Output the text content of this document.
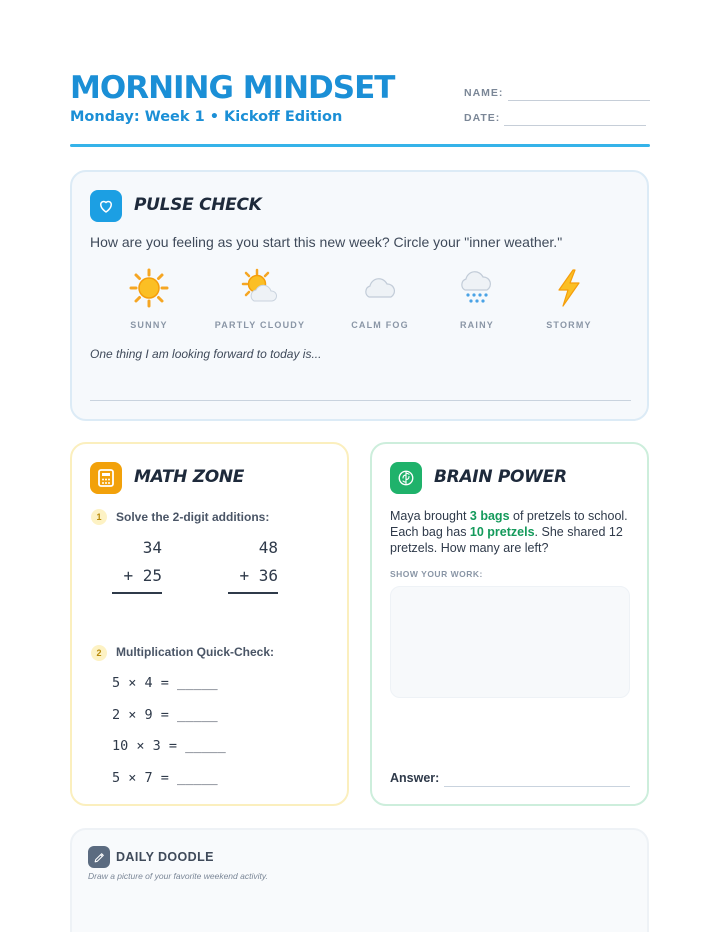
MORNING MINDSET
Monday: Week 1 • Kickoff Edition
NAME:
DATE:
PULSE CHECK
How are you feeling as you start this new week? Circle your "inner weather."
SUNNY	PARTLY CLOUDY	CALM FOG	RAINY	STORMY
One thing I am looking forward to today is...
MATH ZONE
1	Solve the 2-digit additions:
34
+ 25
48
+ 36
2	Multiplication Quick-Check:
5 × 4 = _____
2 × 9 = _____
10 × 3 = _____
5 × 7 = _____
BRAIN POWER
Maya brought 3 bags of pretzels to school. Each bag has 10 pretzels. She shared 12 pretzels. How many are left?
SHOW YOUR WORK:
Answer:
DAILY DOODLE
Draw a picture of your favorite weekend activity.
